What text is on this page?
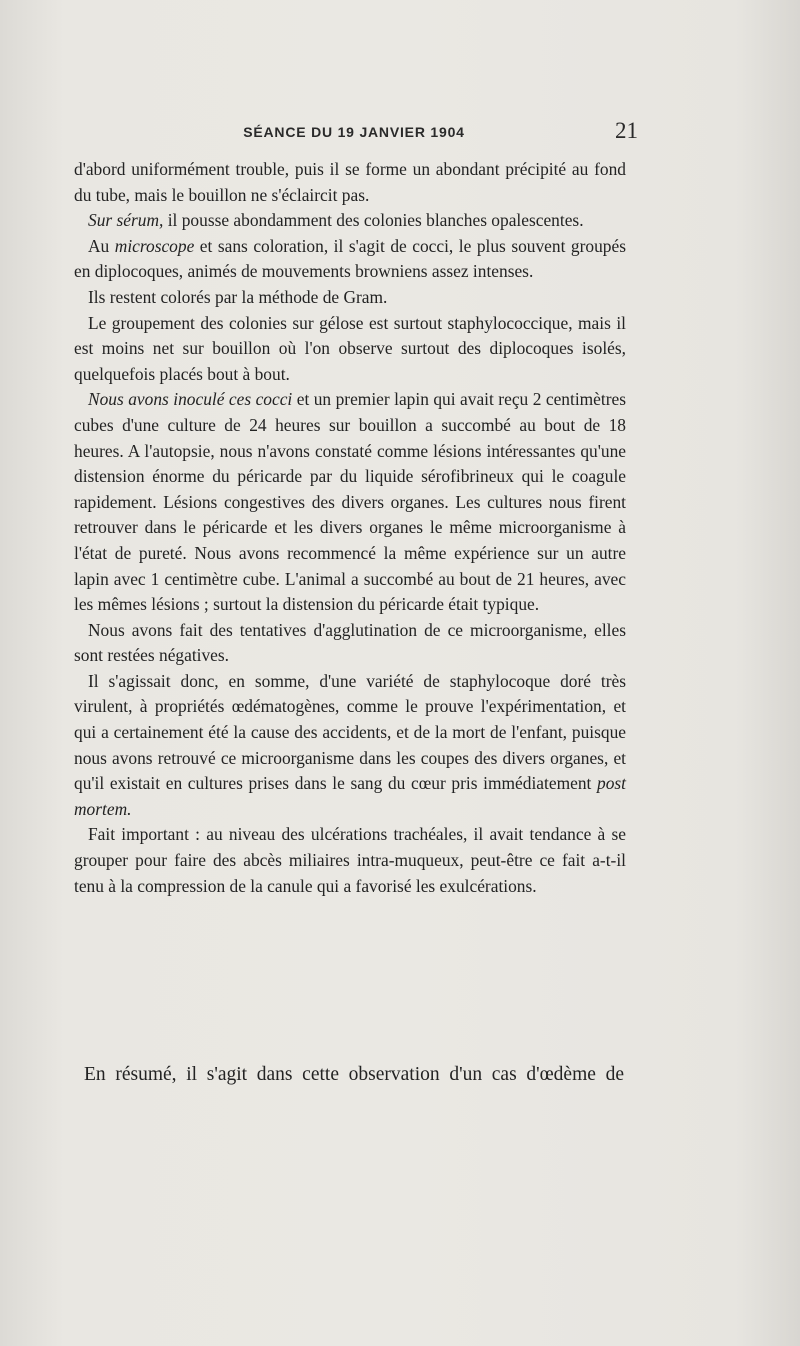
SÉANCE DU 19 JANVIER 1904	21

d'abord uniformément trouble, puis il se forme un abondant précipité au fond du tube, mais le bouillon ne s'éclaircit pas.

Sur sérum, il pousse abondamment des colonies blanches opalescentes.

Au microscope et sans coloration, il s'agit de cocci, le plus souvent groupés en diplocoques, animés de mouvements browniens assez intenses.

Ils restent colorés par la méthode de Gram.

Le groupement des colonies sur gélose est surtout staphylococcique, mais il est moins net sur bouillon où l'on observe surtout des diplocoques isolés, quelquefois placés bout à bout.

Nous avons inoculé ces cocci et un premier lapin qui avait reçu 2 centimètres cubes d'une culture de 24 heures sur bouillon a succombé au bout de 18 heures. A l'autopsie, nous n'avons constaté comme lésions intéressantes qu'une distension énorme du péricarde par du liquide sérofibrineux qui le coagule rapidement. Lésions congestives des divers organes. Les cultures nous firent retrouver dans le péricarde et les divers organes le même microorganisme à l'état de pureté. Nous avons recommencé la même expérience sur un autre lapin avec 1 centimètre cube. L'animal a succombé au bout de 21 heures, avec les mêmes lésions ; surtout la distension du péricarde était typique.

Nous avons fait des tentatives d'agglutination de ce microorganisme, elles sont restées négatives.

Il s'agissait donc, en somme, d'une variété de staphylocoque doré très virulent, à propriétés œdématogènes, comme le prouve l'expérimentation, et qui a certainement été la cause des accidents, et de la mort de l'enfant, puisque nous avons retrouvé ce microorganisme dans les coupes des divers organes, et qu'il existait en cultures prises dans le sang du cœur pris immédiatement post mortem.

Fait important : au niveau des ulcérations trachéales, il avait tendance à se grouper pour faire des abcès miliaires intra-muqueux, peut-être ce fait a-t-il tenu à la compression de la canule qui a favorisé les exulcérations.

En résumé, il s'agit dans cette observation d'un cas d'œdème de
